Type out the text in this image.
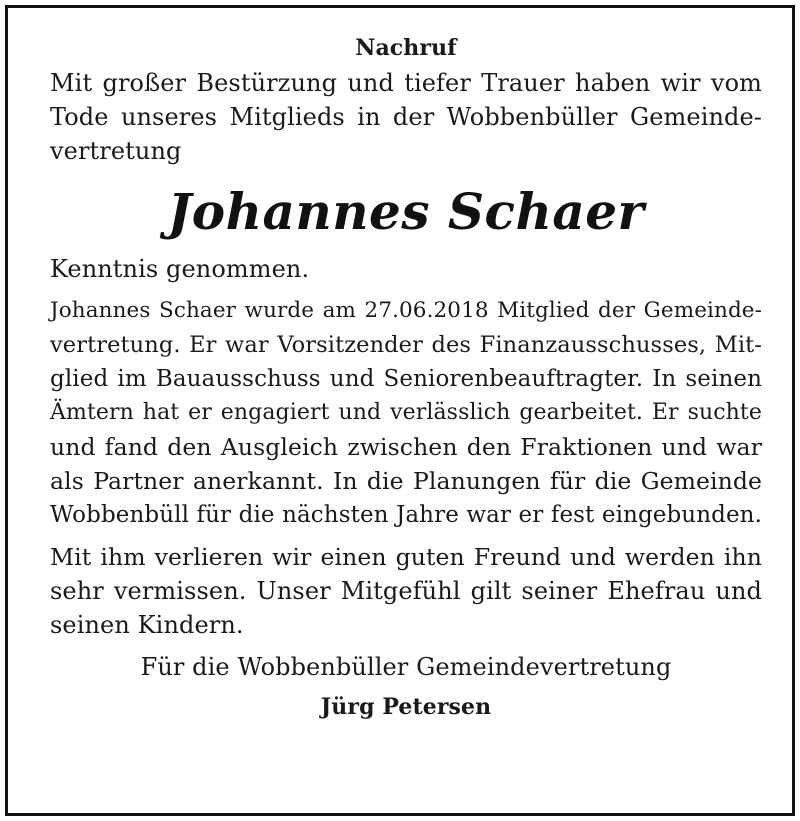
Nachruf
Mit großer Bestürzung und tiefer Trauer haben wir vom
Tode unseres Mitglieds in der Wobbenbüller Gemeinde-
vertretung
Johannes Schaer
Kenntnis genommen.
Johannes Schaer wurde am 27.06.2018 Mitglied der Gemeinde-
vertretung. Er war Vorsitzender des Finanzausschusses, Mit-
glied im Bauausschuss und Seniorenbeauftragter. In seinen
Ämtern hat er engagiert und verlässlich gearbeitet. Er suchte
und fand den Ausgleich zwischen den Fraktionen und war
als Partner anerkannt. In die Planungen für die Gemeinde
Wobbenbüll für die nächsten Jahre war er fest eingebunden.
Mit ihm verlieren wir einen guten Freund und werden ihn
sehr vermissen. Unser Mitgefühl gilt seiner Ehefrau und
seinen Kindern.
Für die Wobbenbüller Gemeindevertretung
Jürg Petersen
